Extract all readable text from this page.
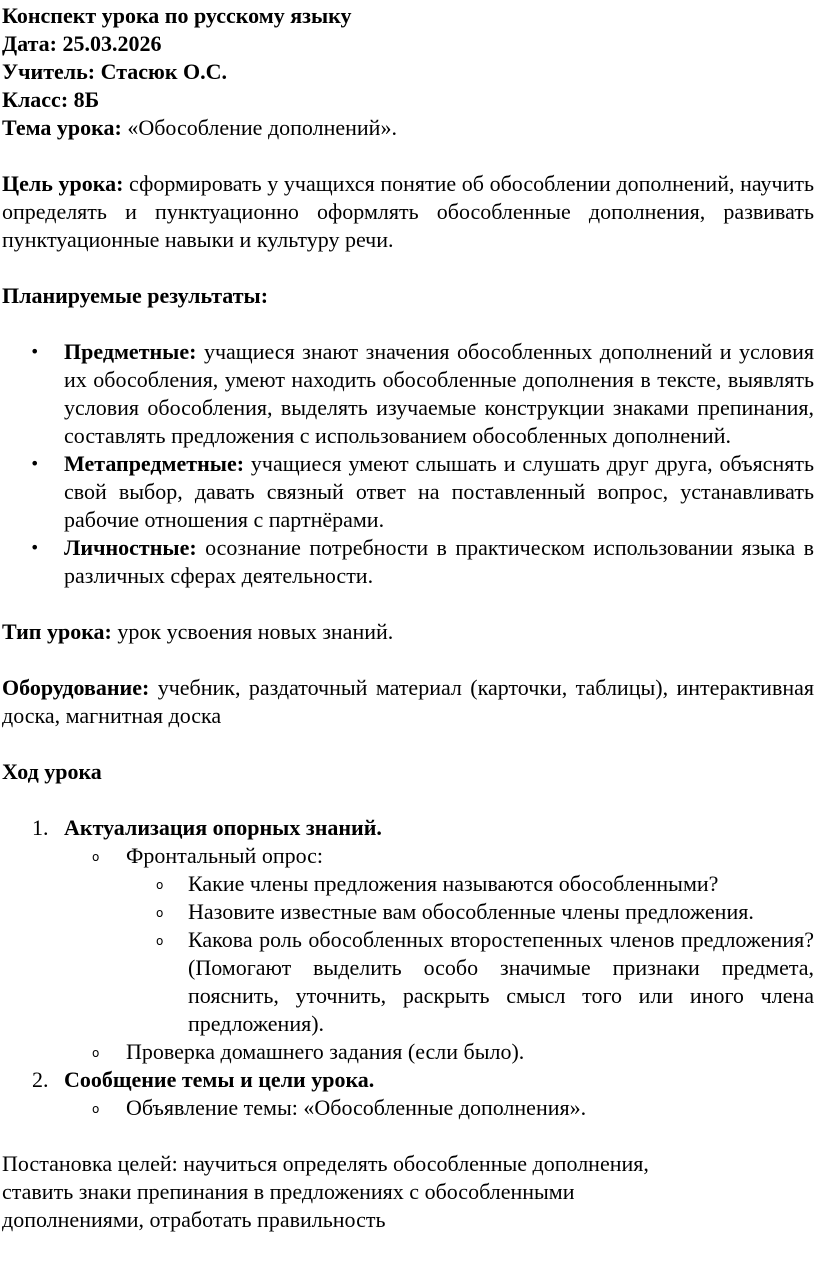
Конспект урока по русскому языку

Дата: 25.03.2026

Учитель: Стасюк О.С.

Класс: 8Б

Тема урока: «Обособление дополнений».

Цель урока: сформировать у учащихся понятие об обособлении дополнений, научить определять и пунктуационно оформлять обособленные дополнения, развивать пунктуационные навыки и культуру речи.

Планируемые результаты:

• Предметные: учащиеся знают значения обособленных дополнений и условия их обособления, умеют находить обособленные дополнения в тексте, выявлять условия обособления, выделять изучаемые конструкции знаками препинания, составлять предложения с использованием обособленных дополнений.
• Метапредметные: учащиеся умеют слышать и слушать друг друга, объяснять свой выбор, давать связный ответ на поставленный вопрос, устанавливать рабочие отношения с партнёрами.
• Личностные: осознание потребности в практическом использовании языка в различных сферах деятельности.

Тип урока: урок усвоения новых знаний.

Оборудование: учебник, раздаточный материал (карточки, таблицы), интерактивная доска, магнитная доска

Ход урока

1. Актуализация опорных знаний.
o Фронтальный опрос:
o Какие члены предложения называются обособленными?
o Назовите известные вам обособленные члены предложения.
o Какова роль обособленных второстепенных членов предложения? (Помогают выделить особо значимые признаки предмета, пояснить, уточнить, раскрыть смысл того или иного члена предложения).
o Проверка домашнего задания (если было).
2. Сообщение темы и цели урока.
o Объявление темы: «Обособленные дополнения».

Постановка целей: научиться определять обособленные дополнения,

ставить знаки препинания в предложениях с обособленными

дополнениями, отработать правильность
